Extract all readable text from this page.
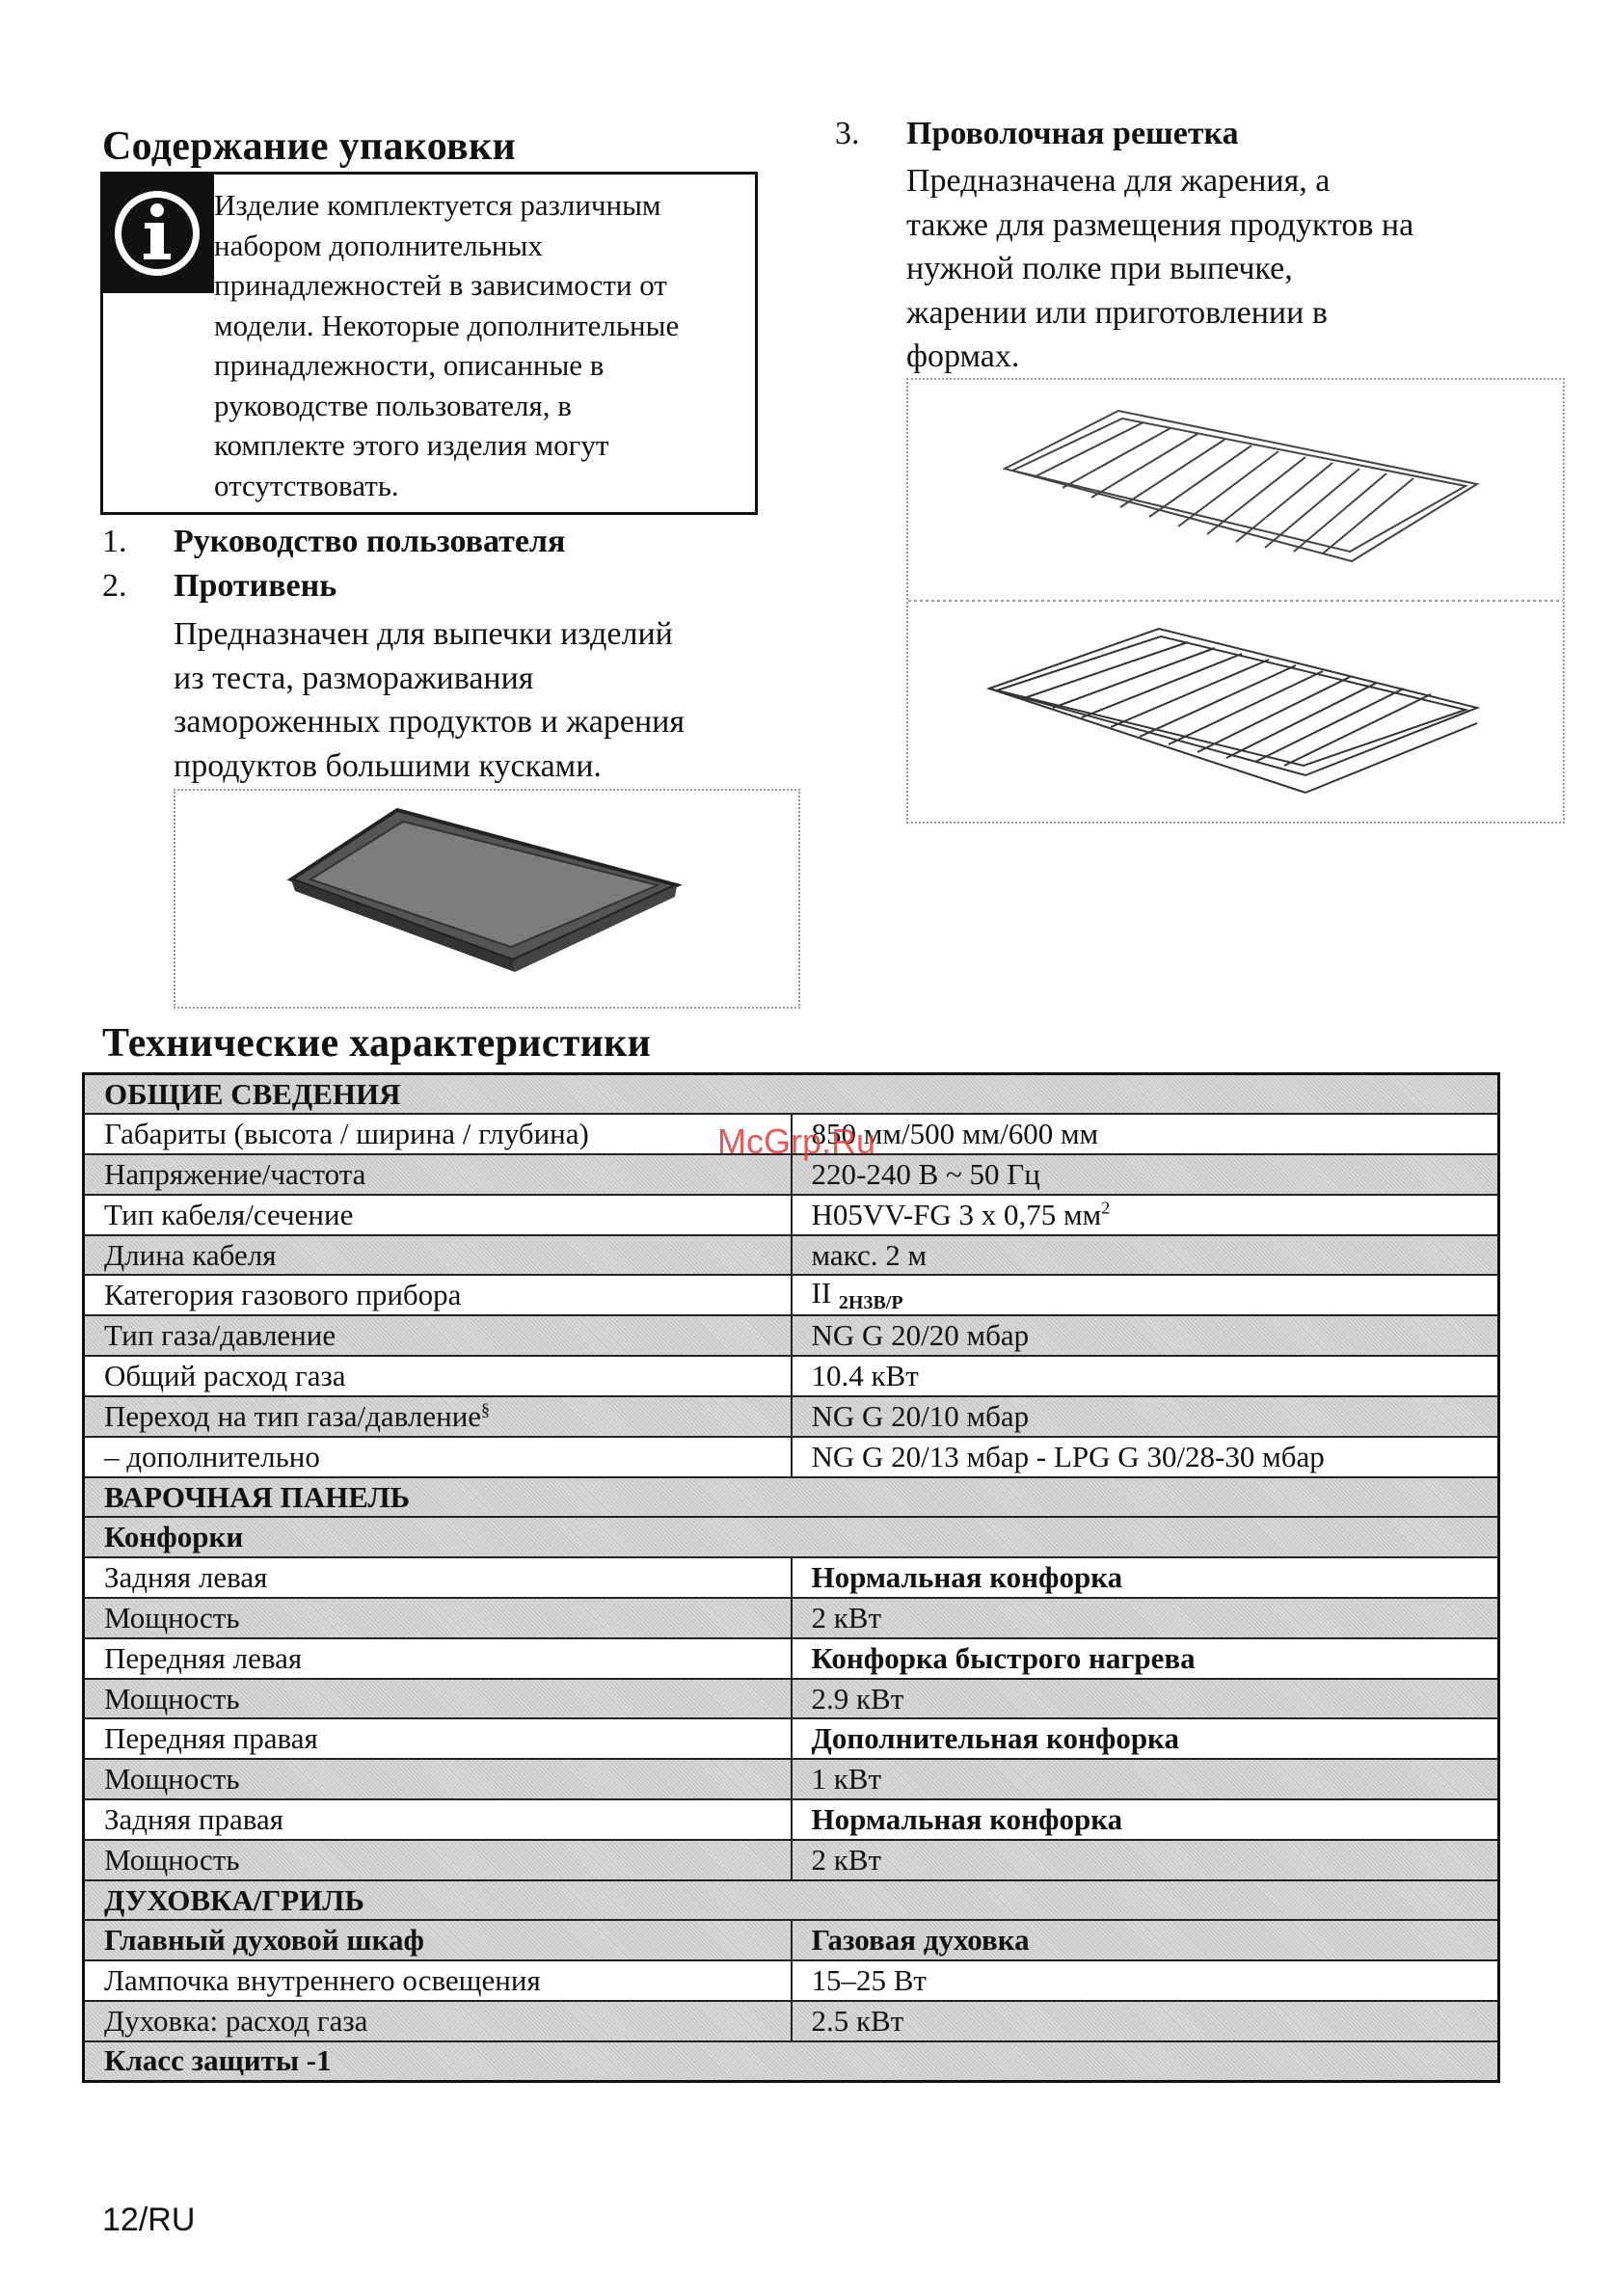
Содержание упаковки
Изделие комплектуется различным
набором дополнительных
принадлежностей в зависимости от
модели. Некоторые дополнительные
принадлежности, описанные в
руководстве пользователя, в
комплекте этого изделия могут
отсутствовать.
1. Руководство пользователя
2. Противень
Предназначен для выпечки изделий
из теста, размораживания
замороженных продуктов и жарения
продуктов большими кусками.
3. Проволочная решетка
Предназначена для жарения, а
также для размещения продуктов на
нужной полке при выпечке,
жарении или приготовлении в
формах.
Технические характеристики
ОБЩИЕ СВЕДЕНИЯ	
Габариты (высота / ширина / глубина)	850 мм/500 мм/600 мм
Напряжение/частота	220-240 В ~ 50 Гц
Тип кабеля/сечение	H05VV-FG 3 x 0,75 $мм^2$
Длина кабеля	макс. 2 м
Категория газового прибора	II 2H3B/P
Тип газа/давление	NG G 20/20 мбар
Общий расход газа	10.4 кВт
Переход на тип газа/давление§	NG G 20/10 мбар
– дополнительно	NG G 20/13 мбар - LPG G 30/28-30 мбар
ВАРОЧНАЯ ПАНЕЛЬ	
Конфорки	
Задняя левая	Нормальная конфорка
Мощность	2 кВт
Передняя левая	Конфорка быстрого нагрева
Мощность	2.9 кВт
Передняя правая	Дополнительная конфорка
Мощность	1 кВт
Задняя правая	Нормальная конфорка
Мощность	2 кВт
ДУХОВКА/ГРИЛЬ	
Главный духовой шкаф	Газовая духовка
Лампочка внутреннего освещения	15–25 Вт
Духовка: расход газа	2.5 кВт
Класс защиты -1	
McGrp.Ru
12/RU
